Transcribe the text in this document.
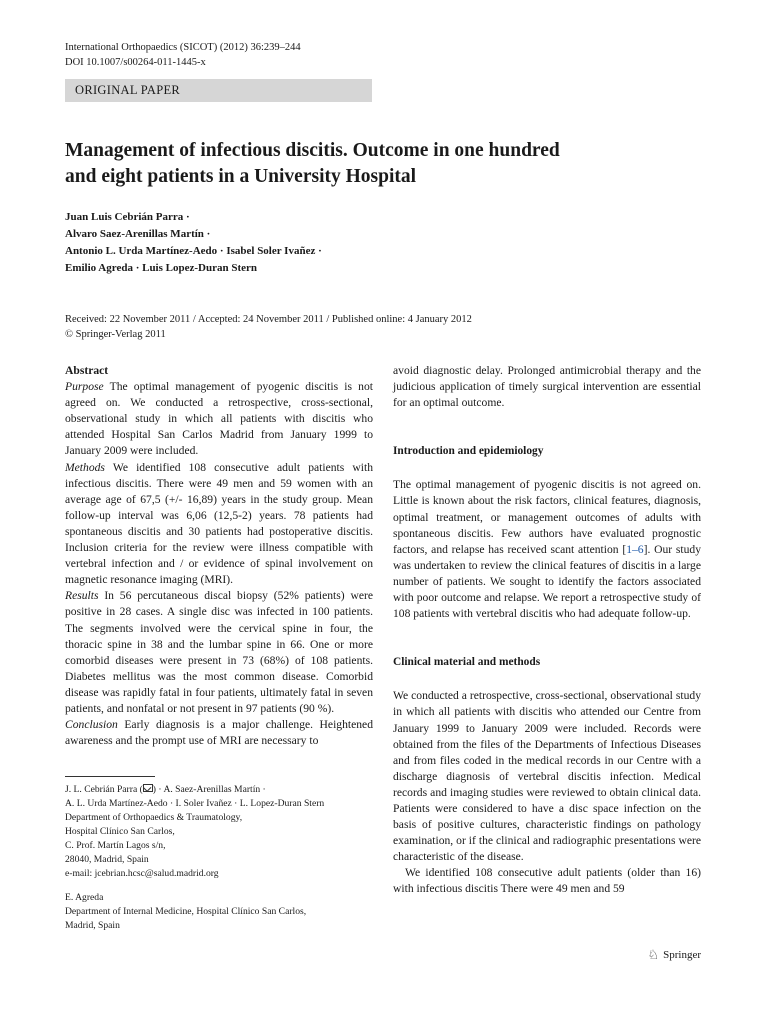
International Orthopaedics (SICOT) (2012) 36:239–244
DOI 10.1007/s00264-011-1445-x
ORIGINAL PAPER
Management of infectious discitis. Outcome in one hundred
and eight patients in a University Hospital
Juan Luis Cebrián Parra ·
Alvaro Saez-Arenillas Martín ·
Antonio L. Urda Martínez-Aedo · Isabel Soler Ivañez ·
Emilio Agreda · Luis Lopez-Duran Stern
Received: 22 November 2011 / Accepted: 24 November 2011 / Published online: 4 January 2012
© Springer-Verlag 2011

Abstract

Purpose The optimal management of pyogenic discitis is not agreed on. We conducted a retrospective, cross-sectional, observational study in which all patients with discitis who attended Hospital San Carlos Madrid from January 1999 to January 2009 were included.

Methods We identified 108 consecutive adult patients with infectious discitis. There were 49 men and 59 women with an average age of 67,5 (+/- 16,89) years in the study group. Mean follow-up interval was 6,06 (12,5-2) years. 78 patients had spontaneous discitis and 30 patients had postoperative discitis. Inclusion criteria for the review were illness compatible with vertebral infection and / or evidence of spinal involvement on magnetic resonance imaging (MRI).

Results In 56 percutaneous discal biopsy (52% patients) were positive in 28 cases. A single disc was infected in 100 patients. The segments involved were the cervical spine in four, the thoracic spine in 38 and the lumbar spine in 66. One or more comorbid diseases were present in 73 (68%) of 108 patients. Diabetes mellitus was the most common disease. Comorbid disease was rapidly fatal in four patients, ultimately fatal in seven patients, and nonfatal or not present in 97 patients (90 %).

Conclusion Early diagnosis is a major challenge. Heightened awareness and the prompt use of MRI are necessary to

J. L. Cebrián Parra ( ) · A. Saez-Arenillas Martín ·

A. L. Urda Martínez-Aedo · I. Soler Ivañez · L. Lopez-Duran Stern

Department of Orthopaedics & Traumatology,

Hospital Clínico San Carlos,

C. Prof. Martín Lagos s/n,

28040, Madrid, Spain

e-mail: jcebrian.hcsc@salud.madrid.org

E. Agreda

Department of Internal Medicine, Hospital Clínico San Carlos,

Madrid, Spain

avoid diagnostic delay. Prolonged antimicrobial therapy and the judicious application of timely surgical intervention are essential for an optimal outcome.

Introduction and epidemiology

The optimal management of pyogenic discitis is not agreed on. Little is known about the risk factors, clinical features, diagnosis, optimal treatment, or management outcomes of adults with spontaneous discitis. Few authors have evaluated prognostic factors, and relapse has received scant attention [1–6]. Our study was undertaken to review the clinical features of discitis in a large number of patients. We sought to identify the factors associated with poor outcome and relapse. We report a retrospective study of 108 patients with vertebral discitis who had adequate follow-up.

Clinical material and methods

We conducted a retrospective, cross-sectional, observational study in which all patients with discitis who attended our Centre from January 1999 to January 2009 were included. Records were obtained from the files of the Departments of Infectious Diseases and from files coded in the medical records in our Centre with a discharge diagnosis of vertebral discitis infection. Medical records and imaging studies were reviewed to obtain clinical data. Patients were considered to have a disc space infection on the basis of positive cultures, characteristic findings on pathology examination, or if the clinical and radiographic presentations were characteristic of the disease.

We identified 108 consecutive adult patients (older than 16) with infectious discitis There were 49 men and 59

♘ Springer
